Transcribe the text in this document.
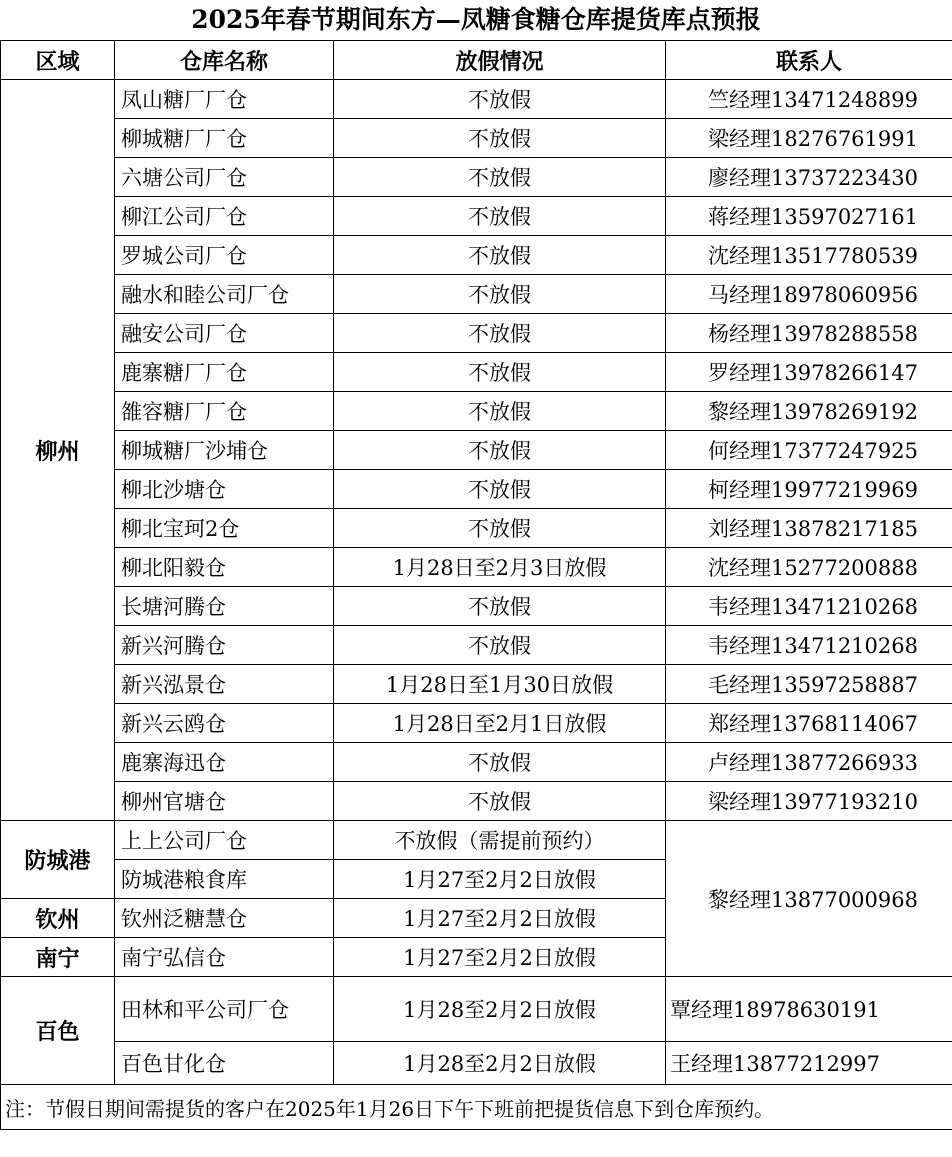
2025年春节期间东方—凤糖食糖仓库提货库点预报
区域	仓库名称	放假情况	联系人
柳州	凤山糖厂厂仓	不放假	竺经理13471248899
	柳城糖厂厂仓	不放假	梁经理18276761991
	六塘公司厂仓	不放假	廖经理13737223430
	柳江公司厂仓	不放假	蒋经理13597027161
	罗城公司厂仓	不放假	沈经理13517780539
	融水和睦公司厂仓	不放假	马经理18978060956
	融安公司厂仓	不放假	杨经理13978288558
	鹿寨糖厂厂仓	不放假	罗经理13978266147
	雒容糖厂厂仓	不放假	黎经理13978269192
	柳城糖厂沙埔仓	不放假	何经理17377247925
	柳北沙塘仓	不放假	柯经理19977219969
	柳北宝珂2仓	不放假	刘经理13878217185
	柳北阳毅仓	1月28日至2月3日放假	沈经理15277200888
	长塘河腾仓	不放假	韦经理13471210268
	新兴河腾仓	不放假	韦经理13471210268
	新兴泓景仓	1月28日至1月30日放假	毛经理13597258887
	新兴云鸥仓	1月28日至2月1日放假	郑经理13768114067
	鹿寨海迅仓	不放假	卢经理13877266933
	柳州官塘仓	不放假	梁经理13977193210
防城港	上上公司厂仓	不放假（需提前预约）	黎经理13877000968
	防城港粮食库	1月27至2月2日放假	
钦州	钦州泛糖慧仓	1月27至2月2日放假	
南宁	南宁弘信仓	1月27至2月2日放假	
百色	田林和平公司厂仓	1月28至2月2日放假	覃经理18978630191
	百色甘化仓	1月28至2月2日放假	王经理13877212997
注：节假日期间需提货的客户在2025年1月26日下午下班前把提货信息下到仓库预约。			
